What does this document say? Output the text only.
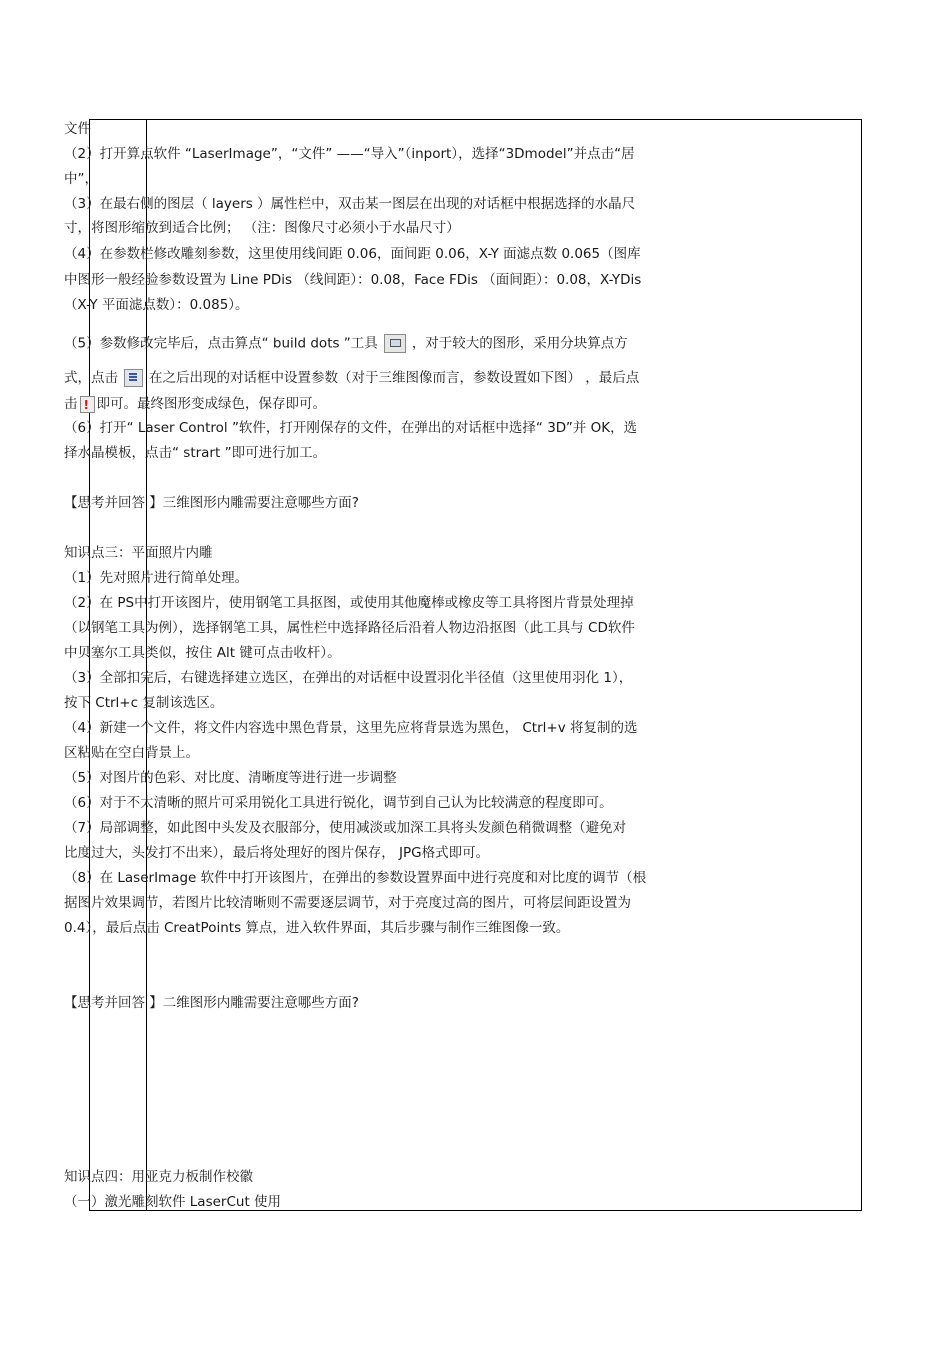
文件
（2）打开算点软件 “LaserImage”，“文件” ——“导入”（inport），选择“3Dmodel”并点击“居
中”，
（3）在最右侧的图层（ layers ）属性栏中，双击某一图层在出现的对话框中根据选择的水晶尺
寸，将图形缩放到适合比例； （注：图像尺寸必须小于水晶尺寸）
（4）在参数栏修改雕刻参数，这里使用线间距 0.06，面间距 0.06，X-Y 面滤点数 0.065（图库
中图形一般经验参数设置为 Line PDis （线间距）：0.08，Face FDis （面间距）：0.08，X-YDis
（X-Y 平面滤点数）：0.085）。
（5）参数修改完毕后，点击算点“ build dots ”工具	，对于较大的图形，采用分块算点方
式，点击 在之后出现的对话框中设置参数（对于三维图像而言，参数设置如下图） ，最后点
击! 即可。最终图形变成绿色，保存即可。
（6）打开“ Laser Control ”软件，打开刚保存的文件，在弹出的对话框中选择“ 3D”并 OK，选
择水晶模板，点击“ strart ”即可进行加工。
【思考并回答 】三维图形内雕需要注意哪些方面?
知识点三：平面照片内雕
（1）先对照片进行简单处理。
（2）在 PS中打开该图片，使用钢笔工具抠图，或使用其他魔棒或橡皮等工具将图片背景处理掉
（以钢笔工具为例），选择钢笔工具，属性栏中选择路径后沿着人物边沿抠图（此工具与 CD软件
中贝塞尔工具类似，按住 Alt 键可点击收杆）。
（3）全部扣完后，右键选择建立选区，在弹出的对话框中设置羽化半径值（这里使用羽化 1），
按下 Ctrl+c 复制该选区。
（4）新建一个文件，将文件内容选中黑色背景，这里先应将背景选为黑色， Ctrl+v 将复制的选
区粘贴在空白背景上。
（5）对图片的色彩、对比度、清晰度等进行进一步调整
（6）对于不太清晰的照片可采用锐化工具进行锐化，调节到自己认为比较满意的程度即可。
（7）局部调整，如此图中头发及衣服部分，使用减淡或加深工具将头发颜色稍微调整（避免对
比度过大，头发打不出来），最后将处理好的图片保存， JPG格式即可。
（8）在 LaserImage 软件中打开该图片，在弹出的参数设置界面中进行亮度和对比度的调节（根
据图片效果调节，若图片比较清晰则不需要逐层调节，对于亮度过高的图片，可将层间距设置为
0.4），最后点击 CreatPoints 算点，进入软件界面，其后步骤与制作三维图像一致。
【思考并回答 】二维图形内雕需要注意哪些方面?
知识点四：用亚克力板制作校徽
（一）激光雕刻软件 LaserCut 使用
